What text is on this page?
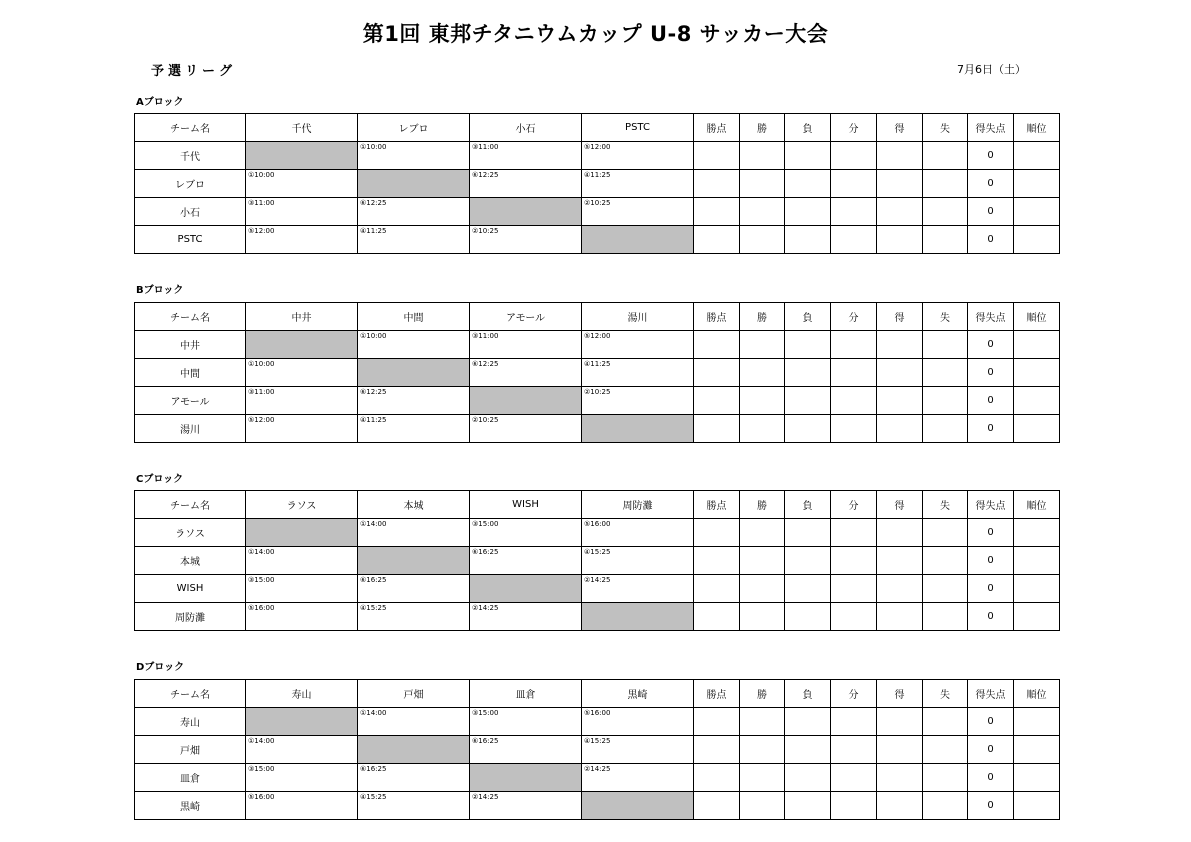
第1回 東邦チタニウムカップ U-8 サッカー大会
予選リーグ	7月6日（土）
Aブロック
チーム名	千代	レブロ	小石	PSTC	勝点	勝	負	分	得	失	得失点	順位
千代		①10:00	③11:00	⑤12:00							0	
レブロ	①10:00		⑥12:25	④11:25							0	
小石	③11:00	⑥12:25		②10:25							0	
PSTC	⑤12:00	④11:25	②10:25								0	
Bブロック
チーム名	中井	中間	アモール	湯川	勝点	勝	負	分	得	失	得失点	順位
中井		①10:00	③11:00	⑤12:00							0	
中間	①10:00		⑥12:25	④11:25							0	
アモール	③11:00	⑥12:25		②10:25							0	
湯川	⑤12:00	④11:25	②10:25								0	
Cブロック
チーム名	ラソス	本城	WISH	周防灘	勝点	勝	負	分	得	失	得失点	順位
ラソス		①14:00	③15:00	⑤16:00							0	
本城	①14:00		⑥16:25	④15:25							0	
WISH	③15:00	⑥16:25		②14:25							0	
周防灘	⑤16:00	④15:25	②14:25								0	
Dブロック
チーム名	寿山	戸畑	皿倉	黒崎	勝点	勝	負	分	得	失	得失点	順位
寿山		①14:00	③15:00	⑤16:00							0	
戸畑	①14:00		⑥16:25	④15:25							0	
皿倉	③15:00	⑥16:25		②14:25							0	
黒崎	⑤16:00	④15:25	②14:25								0	
